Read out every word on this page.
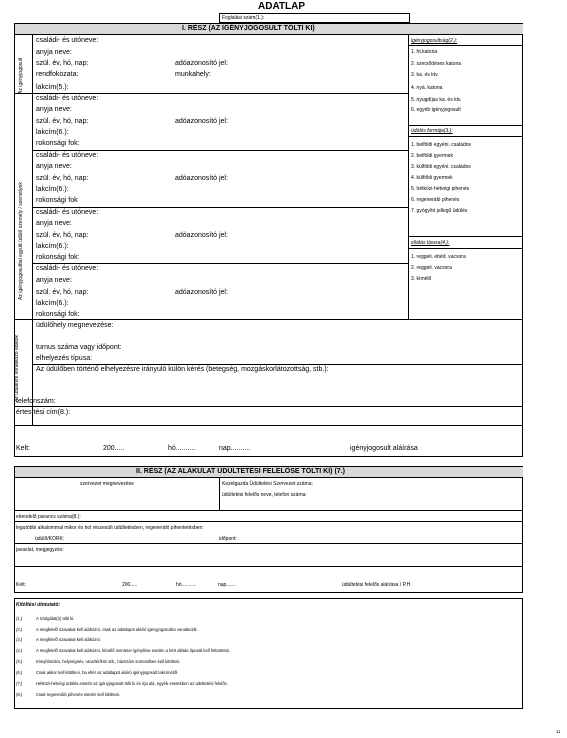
ADATLAP
Foglalási szám(1.):
I. RÉSZ (AZ IGÉNYJOGOSULT TÖLTI KI)
Az igényjogosult
Az igényjogosulttal együtt üdülő személy / személyek
Az üdülésre vonatkozó adatok
családi- és utóneve:
anyja neve:
szül. év, hó, nap:	adóazonosító jel:
rendfokozata:	munkahely:
lakcím(5.):
családi- és utóneve:
anyja neve:
szül. év, hó, nap:	adóazonosító jel:
lakcím(6.):
rokonsági fok:
családi- és utóneve:
anyja neve:
szül. év, hó, nap:	adóazonosító jel:
lakcím(6.):
rokonsági fok
családi- és utóneve:
anyja neve:
szül. év, hó, nap:	adóazonosító jel:
lakcím(6.):
rokonsági fok:
családi- és utóneve:
anyja neve:
szül. év, hó, nap:	adóazonosító jel:
lakcím(6.):
rokonsági fok:
igényjogosultság(2.):
1. ht.katona
2. szerződéses katona
3. ka. és ktv.
4. nyá. katona
5. nyugdíjas ka. és ktv.
6. egyéb igényjogosult
üdülés formája(3.):
1. belföldi egyéni. családos
2. belföldi gyermek
3. külföldi egyéni. családos
4. külföldi gyermek
5. hétközi-hétvégi pihenés
6. regeneráló pihenés
7. gyógyító jellegű üdülés
ellátás típusa(4.):
1. reggeli. ebéd. vacsora
2. reggeli. vacsora
3. kímélő
üdülőhely megnevezése:
turnus száma vagy időpont:
elhelyezés típusa:
Az üdülőben történő elhelyezésre irányuló külön kérés (betegség, mozgáskorlátozottság, stb.):
telefonszám:
értesítési cím(8.):
Kelt:	200.....	hó..........	nap..........	igényjogosult aláírása
II. RÉSZ (AZ ALAKULAT ÜDÜLTETÉSI FELELŐSE TÖLTI KI) (7.)
szervezet megnevezése	Kezelgazda Üdültetési Szervezet száma:
üdültetési felelős neve, telefon száma:
elrendelő parancs száma(8.):
legutóbbi alkalommal mikor és hol részesült üdültetésben, regeneráló pihentetésben:
üdülő/KORK:	időpont:
javaslat, megjegyzés:
Kelt:	200.....	hó..........	nap.......	üdültetési felelős aláírása / P.H.
Kitöltési útmutató:
(1.)	A szolgálat(ó) tölti ki.
(2.)	A megfelelő szavakat kell aláhúzni, csak az adatlapot aláíró igényjogosultra vonatkozik.
(3.)	A megfelelő szavakat kell aláhúzni.
(4.)	A megfelelő szavakat kell aláhúzni, kímélő menüsor igénylése esetén a kért diétás típusát kell feltüntetni.
(5.)	Irányítószám, helységnév, utca/tér/köz stb., házszám sorrendben kell kitölteni.
(6.)	Csak akkor kell kitölteni, ha eltér az adatlapot aláíró igényjogosult lakcímétől.
(7.)	Hétközi-hétvégi üdülés esetén az igényjogosult tölti ki és írja alá, egyéb esetekben az üdültetési felelős.
(8.)	Csak regeneráló pihenés esetén kell kitölteni.
11
